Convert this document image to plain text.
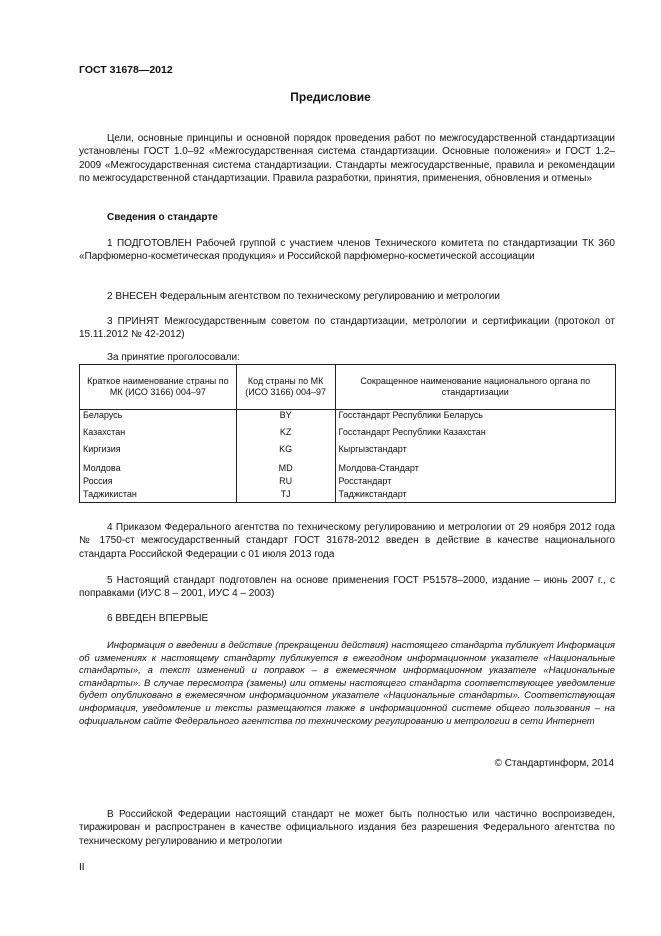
ГОСТ 31678—2012
Предисловие
Цели, основные принципы и основной порядок проведения работ по межгосударственной стандартизации установлены ГОСТ 1.0–92 «Межгосударственная система стандартизации. Основные положения» и ГОСТ 1.2–2009 «Межгосударственная система стандартизации. Стандарты межгосударственные, правила и рекомендации по межгосударственной стандартизации. Правила разработки, принятия, применения, обновления и отмены»
Сведения о стандарте
1 ПОДГОТОВЛЕН Рабочей группой с участием членов Технического комитета по стандартизации ТК 360 «Парфюмерно-косметическая продукция» и Российской парфюмерно-косметической ассоциации
2 ВНЕСЕН Федеральным агентством по техническому регулированию и метрологии
3 ПРИНЯТ Межгосударственным советом по стандартизации, метрологии и сертификации (протокол от 15.11.2012 № 42-2012)
За принятие проголосовали:
Краткое наименование страны по МК (ИСО 3166) 004–97	Код страны по МК (ИСО 3166) 004–97	Сокращенное наименование национального органа по стандартизации
Беларусь	BY	Госстандарт Республики Беларусь
Казахстан	KZ	Госстандарт Республики Казахстан
Киргизия	KG	Кыргызстандарт
Молдова	MD	Молдова-Стандарт
Россия	RU	Росстандарт
Таджикистан	TJ	Таджикстандарт
4 Приказом Федерального агентства по техническому регулированию и метрологии от 29 ноября 2012 года № 1750-ст межгосударственный стандарт ГОСТ 31678-2012 введен в действие в качестве национального стандарта Российской Федерации с 01 июля 2013 года
5 Настоящий стандарт подготовлен на основе применения ГОСТ Р51578–2000, издание – июнь 2007 г., с поправками (ИУС 8 – 2001, ИУС 4 – 2003)
6 ВВЕДЕН ВПЕРВЫЕ
Информация о введении в действие (прекращении действия) настоящего стандарта публикует Информация об изменениях к настоящему стандарту публикуется в ежегодном информационном указателе «Национальные стандарты», а текст изменений и поправок – в ежемесячном информационном указателе «Национальные стандарты». В случае пересмотра (замены) или отмены настоящего стандарта соответствующее уведомление будет опубликовано в ежемесячном информационном указателе «Национальные стандарты». Соответствующая информация, уведомление и тексты размещаются также в информационной системе общего пользования – на официальном сайте Федерального агентства по техническому регулированию и метрологии в сети Интернет
© Стандартинформ, 2014
В Российской Федерации настоящий стандарт не может быть полностью или частично воспроизведен, тиражирован и распространен в качестве официального издания без разрешения Федерального агентства по техническому регулированию и метрологии
II
